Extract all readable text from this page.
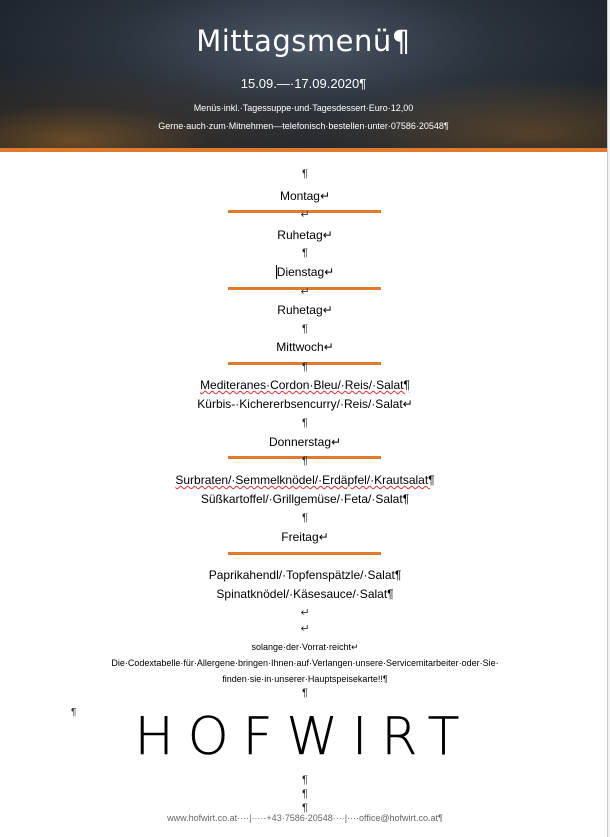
Mittagsmenü¶
15.09.—·17.09.2020¶
Menüs·inkl.·Tagessuppe·und·Tagesdessert·Euro·12,00
Gerne·auch·zum·Mitnehmen—telefonisch·bestellen·unter·07586·20548¶
¶
Montag↵
↵
Ruhetag↵
¶
Dienstag↵
↵
Ruhetag↵
¶
Mittwoch↵
¶
Mediteranes·Cordon·Bleu/·Reis/·Salat¶
Kürbis-·Kichererbsencurry/·Reis/·Salat↵
¶
Donnerstag↵
¶
Surbraten/·Semmelknödel/·Erdäpfel/·Krautsalat¶
Süßkartoffel/·Grillgemüse/·Feta/·Salat¶
¶
Freitag↵
Paprikahendl/·Topfenspätzle/·Salat¶
Spinatknödel/·Käsesauce/·Salat¶
↵
↵
solange·der·Vorrat·reicht↵
Die·Codextabelle·für·Allergene·bringen·Ihnen·auf·Verlangen·unsere·Servicemitarbeiter·oder·Sie·
finden·sie·in·unserer·Hauptspeisekarte!!¶
¶
¶ HOFWIRT
¶
¶
¶
www.hofwirt.co.at····|·····+43·7586·20548····|····office@hofwirt.co.at¶
